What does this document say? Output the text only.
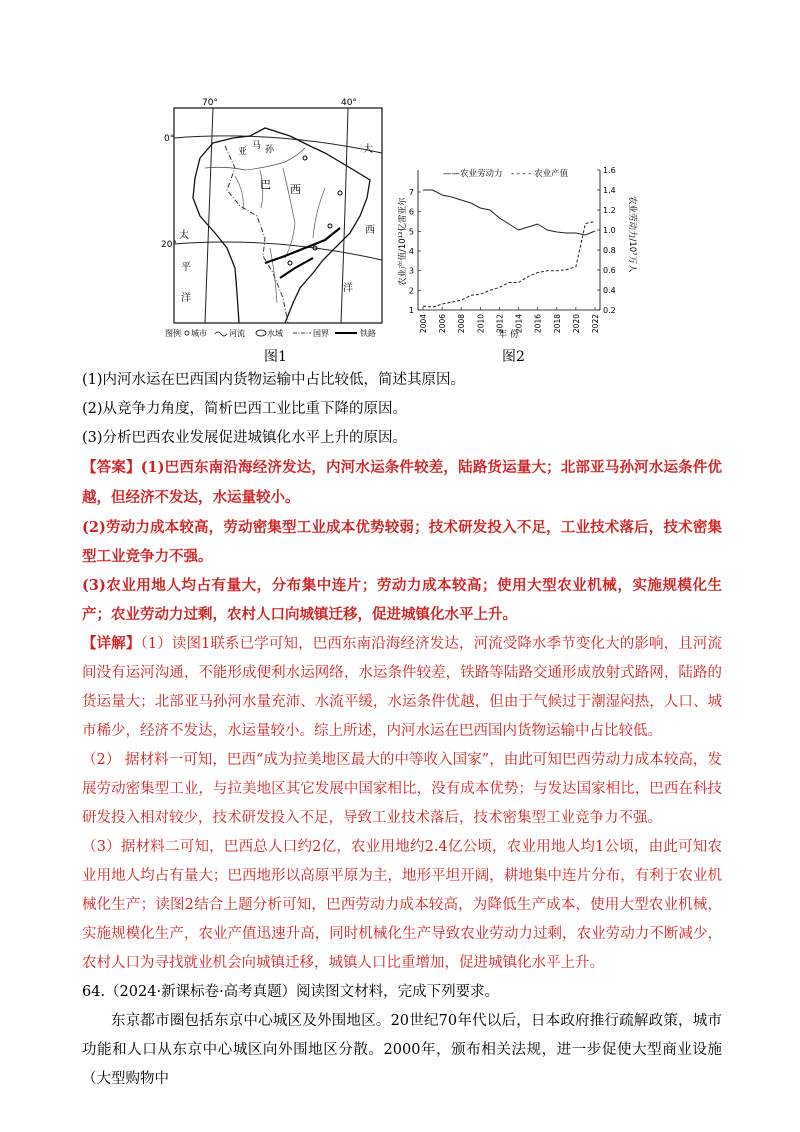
70°	40°
0°
20°
亚
马 孙	大
巴 西
西
洋
太
平
洋
图例 城市	河流	水域	国界	铁路
图1
1
2
3
4
5
6
7
0.2
0.4
0.6
0.8
1.0
1.2
1.4
1.6
2004 2006 2008 2010 2012 2014 2016 2018 2020 2022
——农业劳动力 - - - - 农业产值
农业产值/10¹²亿雷亚尔	农业劳动力/10⁷万人
年 份
图2

(1)内河水运在巴西国内货物运输中占比较低，简述其原因。

(2)从竞争力角度，简析巴西工业比重下降的原因。

(3)分析巴西农业发展促进城镇化水平上升的原因。

【答案】(1)巴西东南沿海经济发达，内河水运条件较差，陆路货运量大；北部亚马孙河水运条件优越，但经济不发达，水运量较小。

(2)劳动力成本较高，劳动密集型工业成本优势较弱；技术研发投入不足，工业技术落后，技术密集型工业竞争力不强。

(3)农业用地人均占有量大，分布集中连片；劳动力成本较高；使用大型农业机械，实施规模化生产；农业劳动力过剩，农村人口向城镇迁移，促进城镇化水平上升。

【详解】（1）读图1联系已学可知，巴西东南沿海经济发达，河流受降水季节变化大的影响，且河流间没有运河沟通，不能形成便利水运网络，水运条件较差，铁路等陆路交通形成放射式路网，陆路的货运量大；北部亚马孙河水量充沛、水流平缓，水运条件优越，但由于气候过于潮湿闷热，人口、城市稀少，经济不发达，水运量较小。综上所述，内河水运在巴西国内货物运输中占比较低。

（2） 据材料一可知，巴西“成为拉美地区最大的中等收入国家”，由此可知巴西劳动力成本较高，发展劳动密集型工业，与拉美地区其它发展中国家相比，没有成本优势；与发达国家相比，巴西在科技研发投入相对较少，技术研发投入不足，导致工业技术落后，技术密集型工业竞争力不强。

（3）据材料二可知，巴西总人口约2亿，农业用地约2.4亿公顷，农业用地人均1公顷，由此可知农业用地人均占有量大；巴西地形以高原平原为主，地形平坦开阔，耕地集中连片分布，有利于农业机械化生产；读图2结合上题分析可知，巴西劳动力成本较高，为降低生产成本，使用大型农业机械，实施规模化生产，农业产值迅速升高，同时机械化生产导致农业劳动力过剩，农业劳动力不断减少，农村人口为寻找就业机会向城镇迁移，城镇人口比重增加，促进城镇化水平上升。

64.（2024·新课标卷·高考真题）阅读图文材料，完成下列要求。

东京都市圈包括东京中心城区及外围地区。20世纪70年代以后，日本政府推行疏解政策，城市功能和人口从东京中心城区向外围地区分散。2000年，颁布相关法规，进一步促使大型商业设施（大型购物中
